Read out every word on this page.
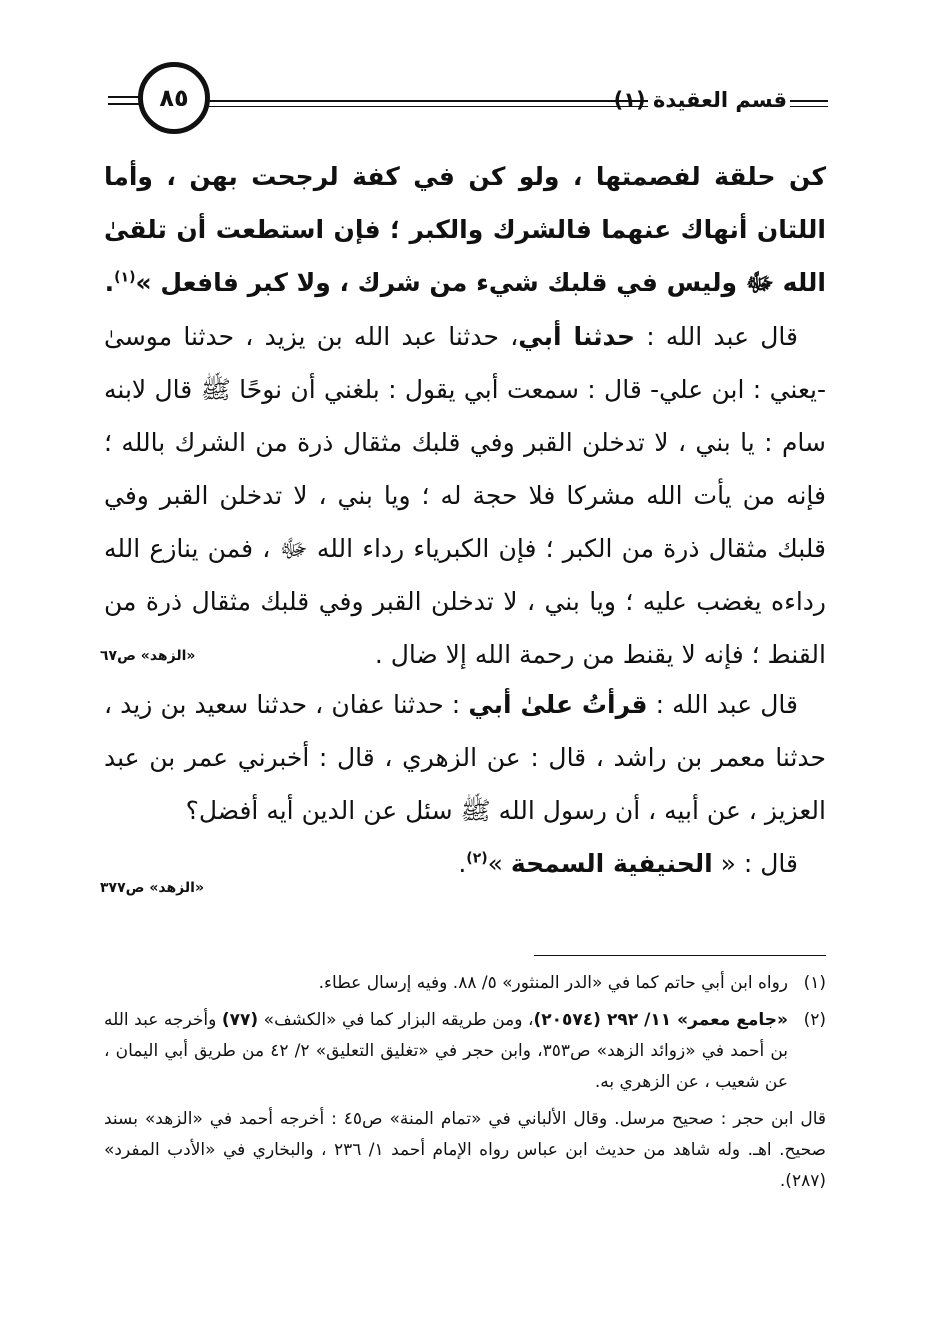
٨٥	قسم العقيدة (١)
كن حلقة لفصمتها ، ولو كن في كفة لرجحت بهن ، وأما اللتان أنهاك عنهما فالشرك والكبر ؛ فإن استطعت أن تلقىٰ الله ﷻ وليس في قلبك شيء من شرك ، ولا كبر فافعل »$^{(١)}$.
قال عبد الله : حدثنا أبي، حدثنا عبد الله بن يزيد ، حدثنا موسىٰ -يعني : ابن علي- قال : سمعت أبي يقول : بلغني أن نوحًا ﷺ قال لابنه سام : يا بني ، لا تدخلن القبر وفي قلبك مثقال ذرة من الشرك بالله ؛ فإنه من يأت الله مشركا فلا حجة له ؛ ويا بني ، لا تدخلن القبر وفي قلبك مثقال ذرة من الكبر ؛ فإن الكبرياء رداء الله ﷻ ، فمن ينازع الله رداءه يغضب عليه ؛ ويا بني ، لا تدخلن القبر وفي قلبك مثقال ذرة من القنط ؛ فإنه لا يقنط من رحمة الله إلا ضال .
«الزهد» ص٦٧
قال عبد الله : قرأتُ علىٰ أبي : حدثنا عفان ، حدثنا سعيد بن زيد ، حدثنا معمر بن راشد ، قال : عن الزهري ، قال : أخبرني عمر بن عبد العزيز ، عن أبيه ، أن رسول الله ﷺ سئل عن الدين أيه أفضل؟
قال : « الحنيفية السمحة »$^{(٢)}$.
«الزهد» ص٣٧٧
(١)
رواه ابن أبي حاتم كما في «الدر المنثور» ٥/ ٨٨. وفيه إرسال عطاء.
(٢)
«جامع معمر» ١١/ ٢٩٢ (٢٠٥٧٤)، ومن طريقه البزار كما في «الكشف» (٧٧) وأخرجه عبد الله بن أحمد في «زوائد الزهد» ص٣٥٣، وابن حجر في «تغليق التعليق» ٢/ ٤٢ من طريق أبي اليمان ، عن شعيب ، عن الزهري به.
قال ابن حجر : صحيح مرسل. وقال الألباني في «تمام المنة» ص٤٥ : أخرجه أحمد في «الزهد» بسند صحيح. اهـ. وله شاهد من حديث ابن عباس رواه الإمام أحمد ١/ ٢٣٦ ، والبخاري في «الأدب المفرد» (٢٨٧).
